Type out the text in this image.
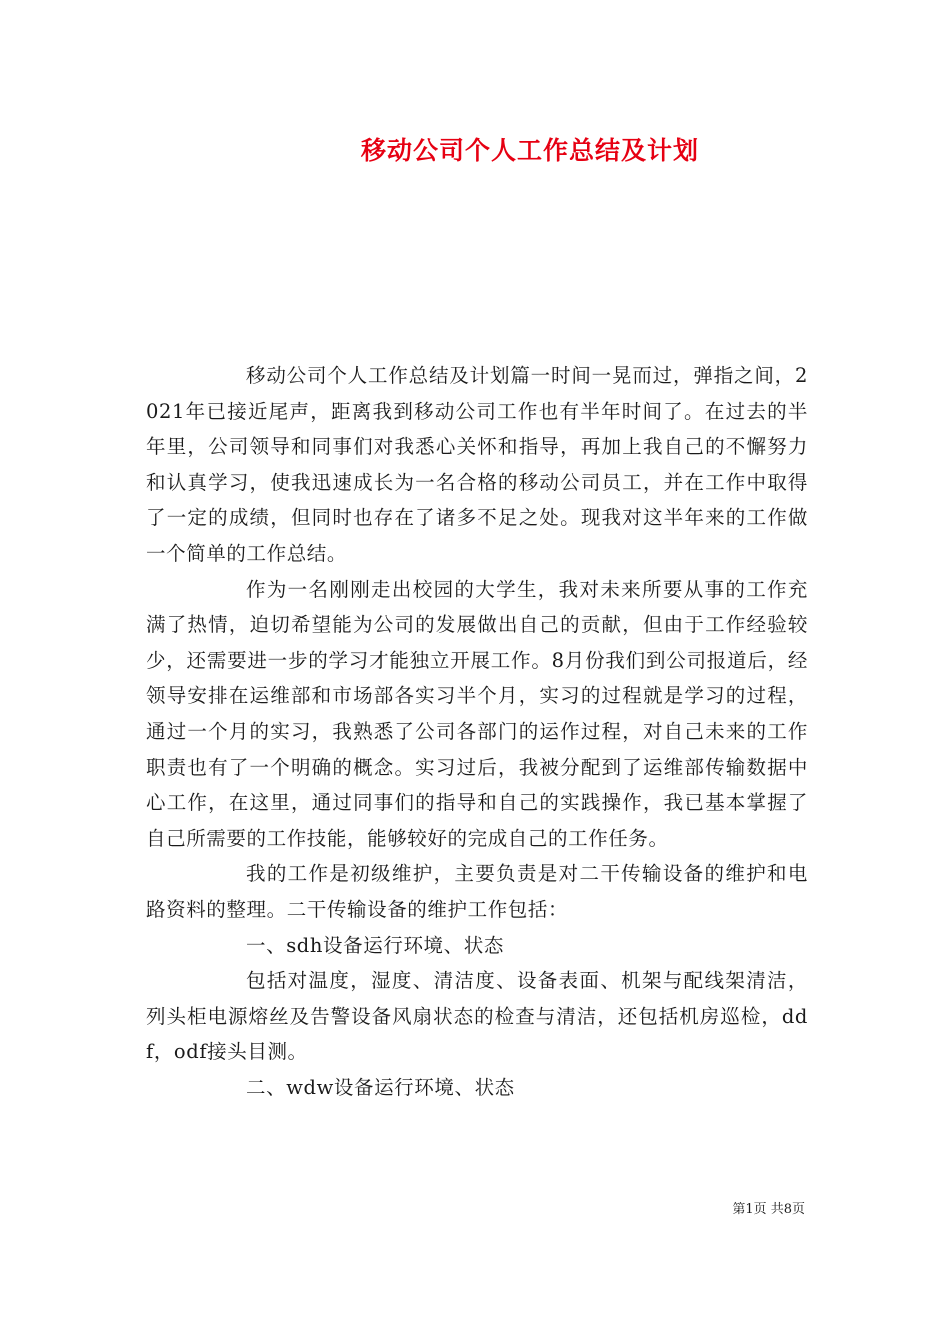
移动公司个人工作总结及计划

移动公司个人工作总结及计划篇一时间一晃而过，弹指之间，2021年已接近尾声，距离我到移动公司工作也有半年时间了。在过去的半年里，公司领导和同事们对我悉心关怀和指导，再加上我自己的不懈努力和认真学习，使我迅速成长为一名合格的移动公司员工，并在工作中取得了一定的成绩，但同时也存在了诸多不足之处。现我对这半年来的工作做一个简单的工作总结。

作为一名刚刚走出校园的大学生，我对未来所要从事的工作充满了热情，迫切希望能为公司的发展做出自己的贡献，但由于工作经验较少，还需要进一步的学习才能独立开展工作。8月份我们到公司报道后，经领导安排在运维部和市场部各实习半个月，实习的过程就是学习的过程，通过一个月的实习，我熟悉了公司各部门的运作过程，对自己未来的工作职责也有了一个明确的概念。实习过后，我被分配到了运维部传输数据中心工作，在这里，通过同事们的指导和自己的实践操作，我已基本掌握了自己所需要的工作技能，能够较好的完成自己的工作任务。

我的工作是初级维护，主要负责是对二干传输设备的维护和电路资料的整理。二干传输设备的维护工作包括：

一、sdh设备运行环境、状态

包括对温度，湿度、清洁度、设备表面、机架与配线架清洁，列头柜电源熔丝及告警设备风扇状态的检查与清洁，还包括机房巡检，ddf，odf接头目测。

二、wdw设备运行环境、状态

第1页 共8页
